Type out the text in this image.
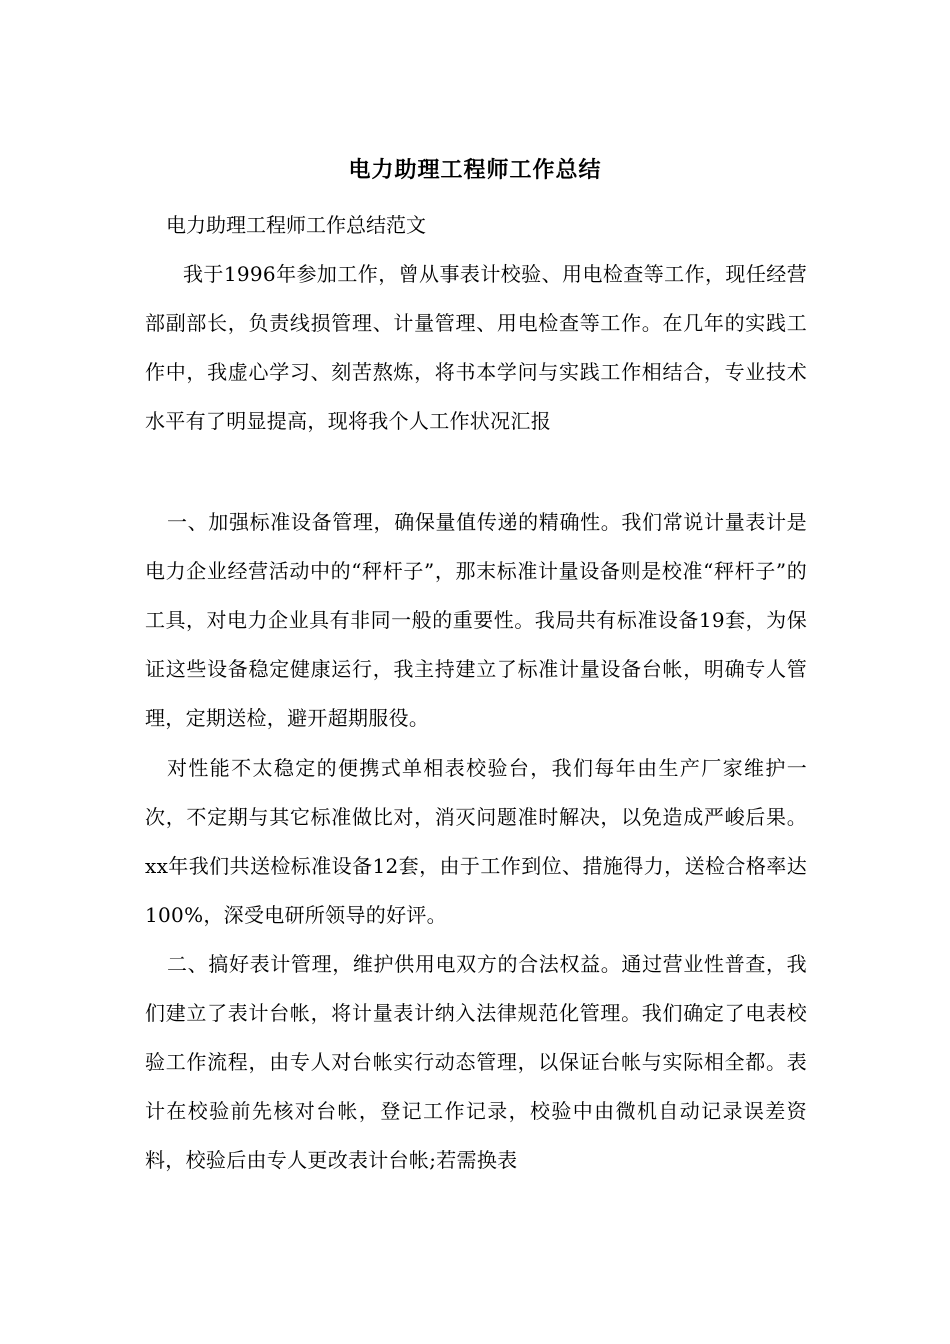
电力助理工程师工作总结
电力助理工程师工作总结范文
我于1996年参加工作，曾从事表计校验、用电检查等工作，现任经营部副部长，负责线损管理、计量管理、用电检查等工作。在几年的实践工作中，我虚心学习、刻苦熬炼，将书本学问与实践工作相结合，专业技术水平有了明显提高，现将我个人工作状况汇报
一、加强标准设备管理，确保量值传递的精确性。我们常说计量表计是电力企业经营活动中的“秤杆子”，那末标准计量设备则是校准“秤杆子”的工具，对电力企业具有非同一般的重要性。我局共有标准设备19套，为保证这些设备稳定健康运行，我主持建立了标准计量设备台帐，明确专人管理，定期送检，避开超期服役。
对性能不太稳定的便携式单相表校验台，我们每年由生产厂家维护一次，不定期与其它标准做比对，消灭问题准时解决，以免造成严峻后果。xx年我们共送检标准设备12套，由于工作到位、措施得力，送检合格率达100%，深受电研所领导的好评。
二、搞好表计管理，维护供用电双方的合法权益。通过营业性普查，我们建立了表计台帐，将计量表计纳入法律规范化管理。我们确定了电表校验工作流程，由专人对台帐实行动态管理，以保证台帐与实际相全都。表计在校验前先核对台帐，登记工作记录，校验中由微机自动记录误差资料，校验后由专人更改表计台帐;若需换表
